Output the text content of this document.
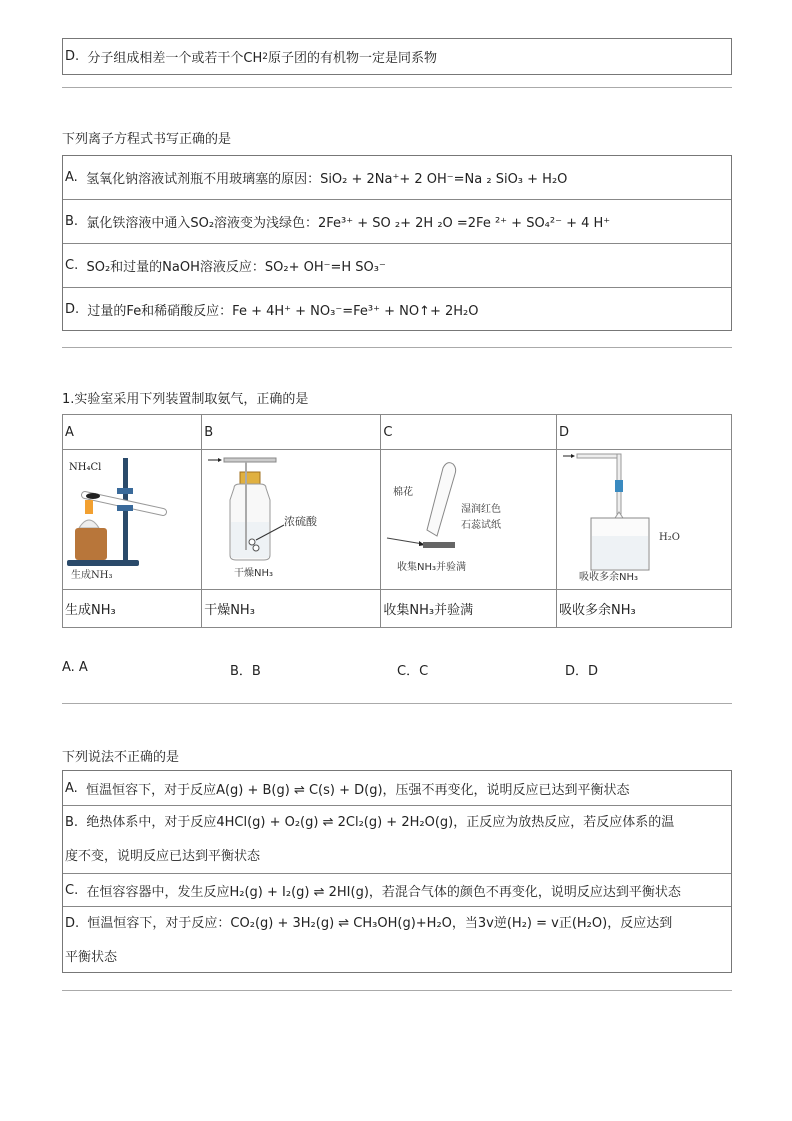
D.
分子组成相差一个或若干个CH 2 原子团的有机物一定是同系物
下列离子方程式书写正确的是
A.
氢氧化钠溶液试剂瓶不用玻璃塞的原因：SiO₂ + 2Na⁺+ 2 OH⁻=Na ₂ SiO₃ + H₂O
B.
氯化铁溶液中通入SO₂溶液变为浅绿色：2Fe³⁺ + SO ₂+ 2H ₂O =2Fe ²⁺ + SO₄²⁻ + 4 H⁺
C.
SO₂和过量的NaOH溶液反应：SO₂+ OH⁻=H SO₃⁻
D.
过量的Fe和稀硝酸反应：Fe + 4H⁺ + NO₃⁻=Fe³⁺ + NO↑+ 2H₂O
1.实验室采用下列装置制取氨气，正确的是
A	B	C	D

NH₄Cl
生成NH₃	浓硫酸
干燥NH₃	棉花
湿润红色
石蕊试纸
收集NH₃并验满	H₂O
吸收多余NH₃

生成NH₃	干燥NH₃	收集NH₃并验满	吸收多余NH₃
A. A	B．B	C．C	D．D
下列说法不正确的是
A.
恒温恒容下，对于反应A(g) + B(g) ⇌ C(s) + D(g)，压强不再变化，说明反应已达到平衡状态
B. 绝热体系中，对于反应4HCl(g) + O₂(g) ⇌ 2Cl₂(g) + 2H₂O(g)，正反应为放热反应，若反应体系的温
度不变，说明反应已达到平衡状态
C.
在恒容容器中，发生反应H₂(g) + I₂(g) ⇌ 2HI(g)，若混合气体的颜色不再变化，说明反应达到平衡状态
D. 恒温恒容下，对于反应：CO₂(g) + 3H₂(g) ⇌ CH₃OH(g)+H₂O，当3v逆(H₂) = v正(H₂O)，反应达到
平衡状态
